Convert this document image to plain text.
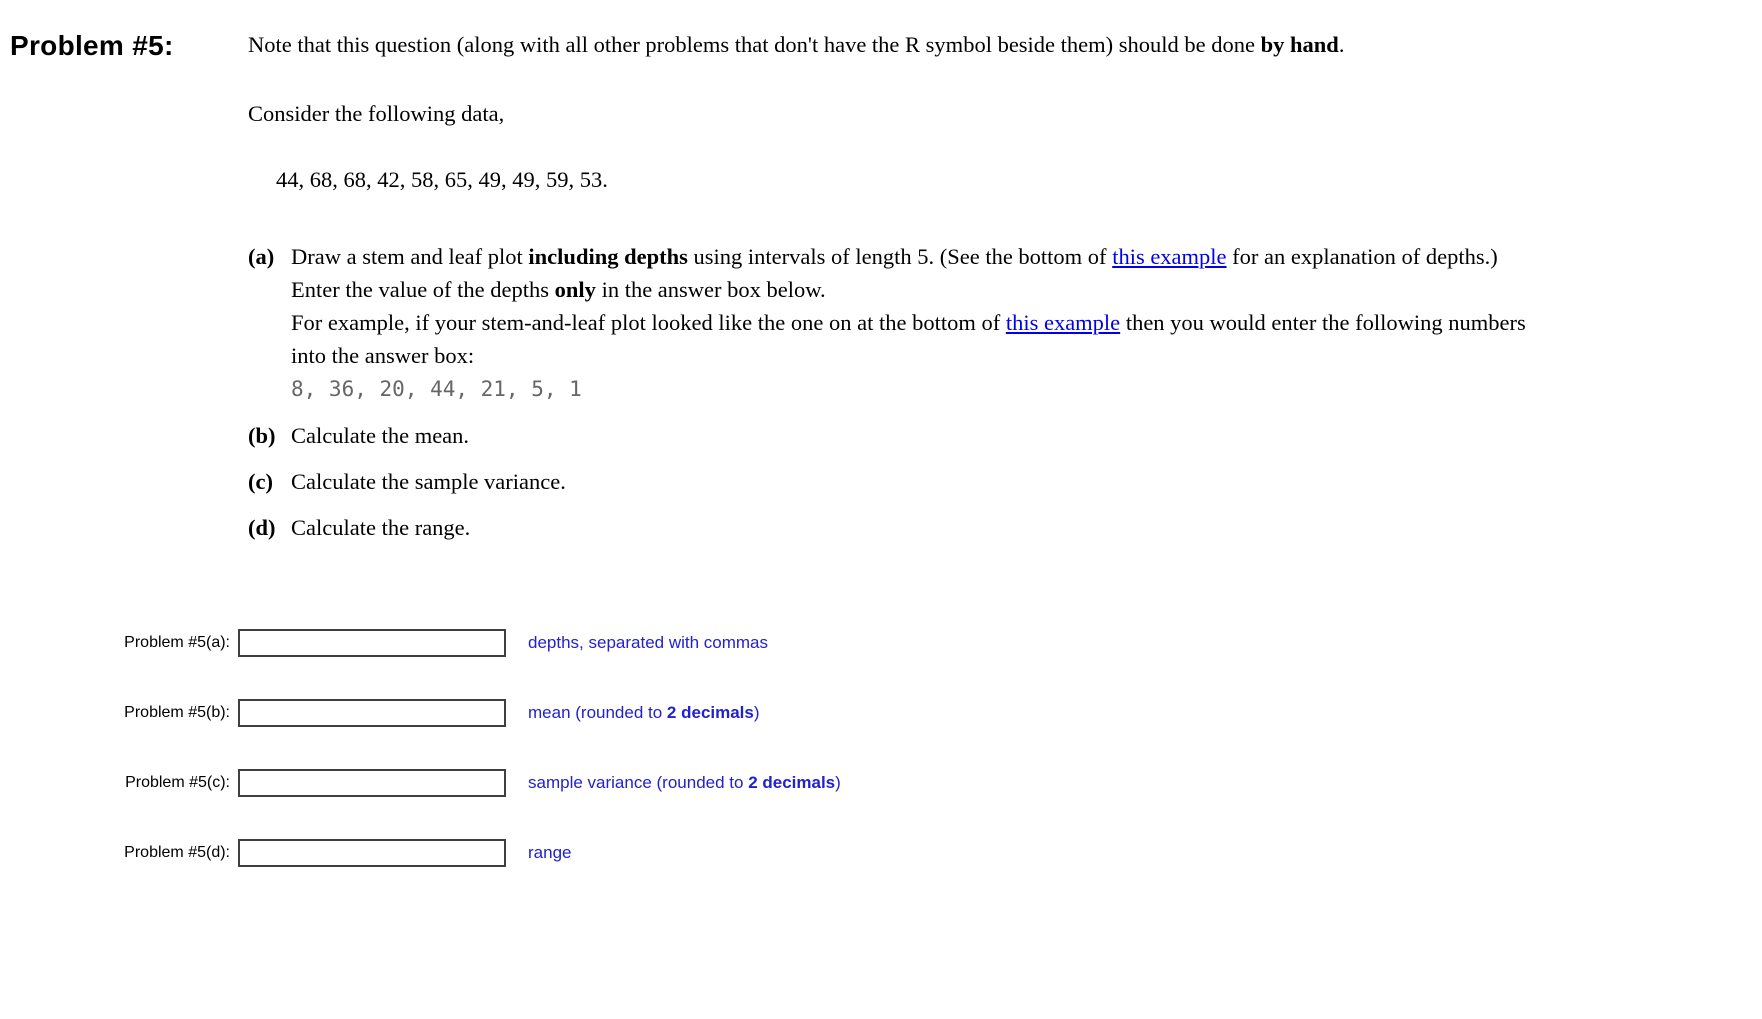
Problem #5:	Note that this question (along with all other problems that don't have the R symbol beside them) should be done by hand.

Consider the following data,

44, 68, 68, 42, 58, 65, 49, 49, 59, 53.

(a) Draw a stem and leaf plot including depths using intervals of length 5. (See the bottom of this example for an explanation of depths.) Enter the value of the depths only in the answer box below.
For example, if your stem-and-leaf plot looked like the one on at the bottom of this example then you would enter the following numbers into the answer box:
8, 36, 20, 44, 21, 5, 1
(b) Calculate the mean.
(c) Calculate the sample variance.
(d) Calculate the range.
Problem #5(a):	depths, separated with commas
Problem #5(b):	mean (rounded to 2 decimals)
Problem #5(c):	sample variance (rounded to 2 decimals)
Problem #5(d):	range
